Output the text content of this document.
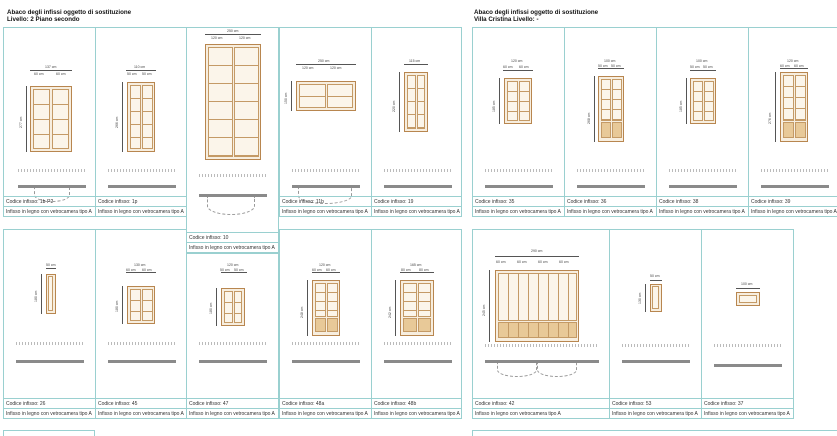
Abaco degli infissi oggetto di sostituzione
Livello: 2 Piano secondo
137 cm
60 cm	60 cm
277 cm
Codice infisso: 1b-P2
Infisso in legno con vetrocamera tipo A
110 cm
50 cm 50 cm
266 cm
Codice infisso: 1p
Infisso in legno con vetrocamera tipo A
250 cm
120 cm	120 cm
Codice infisso: 10
Infisso in legno con vetrocamera tipo A
250 cm
120 cm	120 cm
150 cm
Codice infisso: 11b
Infisso in legno con vetrocamera tipo A
115 cm
220 cm
Codice infisso: 19
Infisso in legno con vetrocamera tipo A
50 cm
180 cm
Codice infisso: 26
Infisso in legno con vetrocamera tipo A
130 cm
60 cm 60 cm
180 cm
Codice infisso: 45
Infisso in legno con vetrocamera tipo A
120 cm
50 cm 50 cm
180 cm
Codice infisso: 47
Infisso in legno con vetrocamera tipo A
120 cm
60 cm 60 cm
248 cm
Codice infisso: 48a
Infisso in legno con vetrocamera tipo A
165 cm
80 cm 80 cm
242 cm
Codice infisso: 48b
Infisso in legno con vetrocamera tipo A
Abaco degli infissi oggetto di sostituzione
Villa Cristina Livello: -
120 cm
60 cm 60 cm
185 cm
Codice infisso: 35
Infisso in legno con vetrocamera tipo A
100 cm
50 cm 50 cm
268 cm
Codice infisso: 36
Infisso in legno con vetrocamera tipo A
100 cm
50 cm 50 cm
185 cm
Codice infisso: 38
Infisso in legno con vetrocamera tipo A
120 cm
60 cm 60 cm
276 cm
Codice infisso: 39
Infisso in legno con vetrocamera tipo A
290 cm
60 cm	60 cm	60 cm	60 cm
245 cm
Codice infisso: 42
Infisso in legno con vetrocamera tipo A
50 cm
130 cm
Codice infisso: 53
Infisso in legno con vetrocamera tipo A
100 cm
Codice infisso: 37
Infisso in legno con vetrocamera tipo A
